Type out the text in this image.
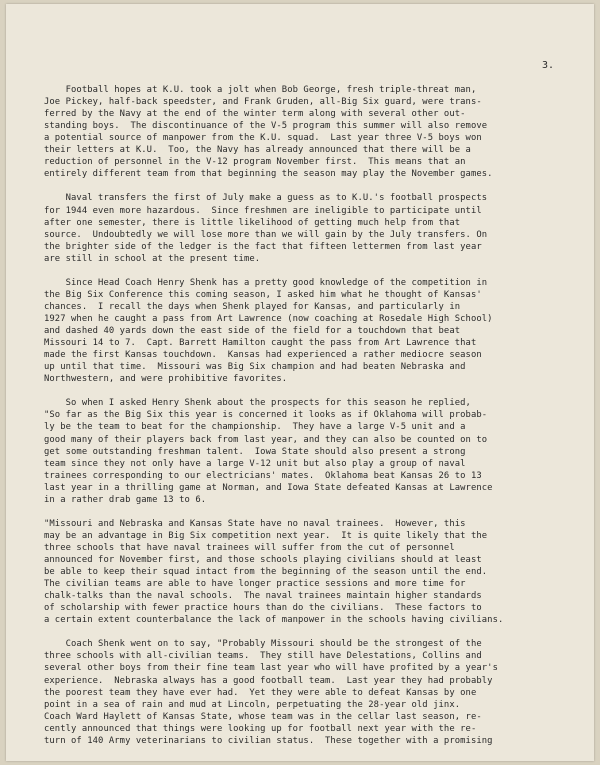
3.
Football hopes at K.U. took a jolt when Bob George, fresh triple-threat man,
Joe Pickey, half-back speedster, and Frank Gruden, all-Big Six guard, were trans-
ferred by the Navy at the end of the winter term along with several other out-
standing boys.  The discontinuance of the V-5 program this summer will also remove
a potential source of manpower from the K.U. squad.  Last year three V-5 boys won
their letters at K.U.  Too, the Navy has already announced that there will be a
reduction of personnel in the V-12 program November first.  This means that an
entirely different team from that beginning the season may play the November games.
Naval transfers the first of July make a guess as to K.U.'s football prospects
for 1944 even more hazardous.  Since freshmen are ineligible to participate until
after one semester, there is little likelihood of getting much help from that
source.  Undoubtedly we will lose more than we will gain by the July transfers. On
the brighter side of the ledger is the fact that fifteen lettermen from last year
are still in school at the present time.
Since Head Coach Henry Shenk has a pretty good knowledge of the competition in
the Big Six Conference this coming season, I asked him what he thought of Kansas'
chances.  I recall the days when Shenk played for Kansas, and particularly in
1927 when he caught a pass from Art Lawrence (now coaching at Rosedale High School)
and dashed 40 yards down the east side of the field for a touchdown that beat
Missouri 14 to 7.  Capt. Barrett Hamilton caught the pass from Art Lawrence that
made the first Kansas touchdown.  Kansas had experienced a rather mediocre season
up until that time.  Missouri was Big Six champion and had beaten Nebraska and
Northwestern, and were prohibitive favorites.
So when I asked Henry Shenk about the prospects for this season he replied,
"So far as the Big Six this year is concerned it looks as if Oklahoma will probab-
ly be the team to beat for the championship.  They have a large V-5 unit and a
good many of their players back from last year, and they can also be counted on to
get some outstanding freshman talent.  Iowa State should also present a strong
team since they not only have a large V-12 unit but also play a group of naval
trainees corresponding to our electricians' mates.  Oklahoma beat Kansas 26 to 13
last year in a thrilling game at Norman, and Iowa State defeated Kansas at Lawrence
in a rather drab game 13 to 6.
"Missouri and Nebraska and Kansas State have no naval trainees.  However, this
may be an advantage in Big Six competition next year.  It is quite likely that the
three schools that have naval trainees will suffer from the cut of personnel
announced for November first, and those schools playing civilians should at least
be able to keep their squad intact from the beginning of the season until the end.
The civilian teams are able to have longer practice sessions and more time for
chalk-talks than the naval schools.  The naval trainees maintain higher standards
of scholarship with fewer practice hours than do the civilians.  These factors to
a certain extent counterbalance the lack of manpower in the schools having civilians.
Coach Shenk went on to say, "Probably Missouri should be the strongest of the
three schools with all-civilian teams.  They still have Delestations, Collins and
several other boys from their fine team last year who will have profited by a year's
experience.  Nebraska always has a good football team.  Last year they had probably
the poorest team they have ever had.  Yet they were able to defeat Kansas by one
point in a sea of rain and mud at Lincoln, perpetuating the 28-year old jinx.
Coach Ward Haylett of Kansas State, whose team was in the cellar last season, re-
cently announced that things were looking up for football next year with the re-
turn of 140 Army veterinarians to civilian status.  These together with a promising
